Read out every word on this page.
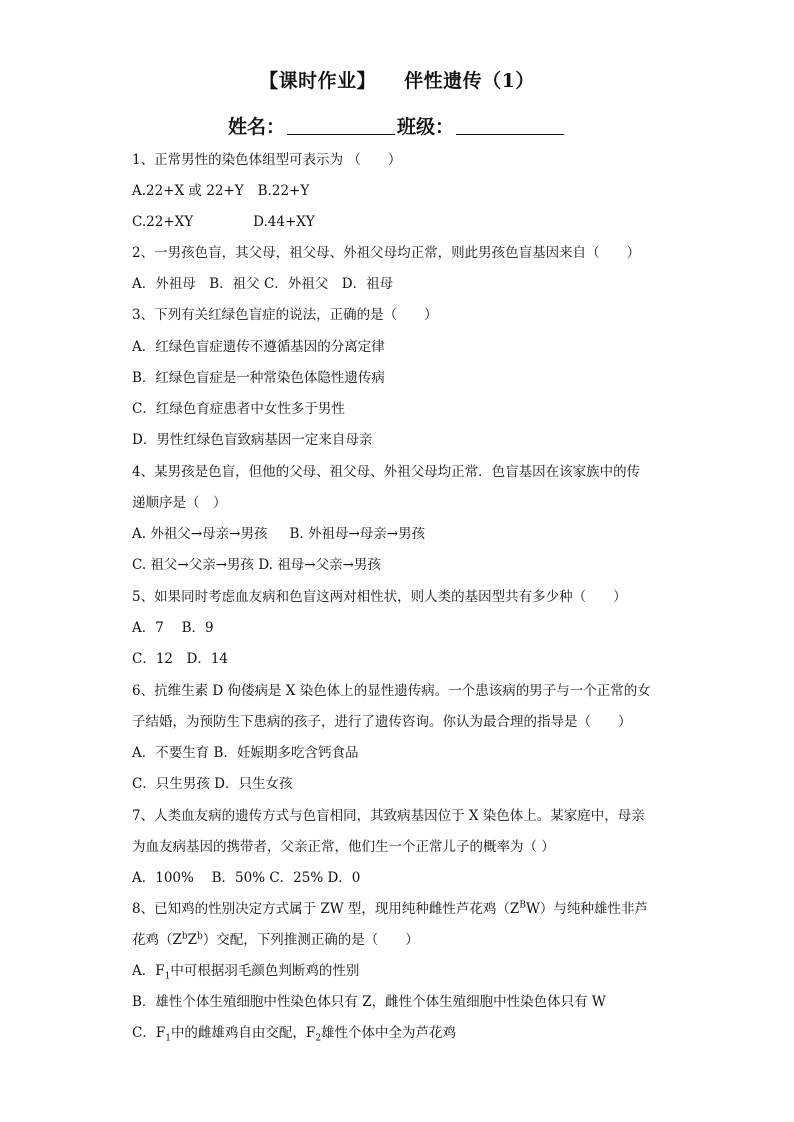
【课时作业】 伴性遗传（1）
姓名：	班级：
1、正常男性的染色体组型可表示为 （　　）
A.22+X 或 22+Y B.22+Y
C.22+XY	D.44+XY
2、一男孩色盲，其父母，祖父母、外祖父母均正常，则此男孩色盲基因来自（　　）
A．外祖母　B．祖父 C．外祖父　D．祖母
3、下列有关红绿色盲症的说法，正确的是（　　）
A．红绿色盲症遗传不遵循基因的分离定律
B．红绿色盲症是一种常染色体隐性遗传病
C．红绿色育症患者中女性多于男性
D．男性红绿色盲致病基因一定来自母亲
4、某男孩是色盲，但他的父母、祖父母、外祖父母均正常．色盲基因在该家族中的传
递顺序是（　）
A. 外祖父→母亲→男孩 B. 外祖母→母亲→男孩
C. 祖父→父亲→男孩 D. 祖母→父亲→男孩
5、如果同时考虑血友病和色盲这两对相性状，则人类的基因型共有多少种（　　）
A．7　 B．9
C．12　D．14
6、抗维生素 D 佝偻病是 X 染色体上的显性遗传病。一个患该病的男子与一个正常的女
子结婚，为预防生下患病的孩子，进行了遗传咨询。你认为最合理的指导是（　　）
A．不要生育 B．妊娠期多吃含钙食品
C．只生男孩 D．只生女孩
7、人类血友病的遗传方式与色盲相同，其致病基因位于 X 染色体上。某家庭中，母亲
为血友病基因的携带者，父亲正常，他们生一个正常儿子的概率为（ ）
A．100%　 B．50% C．25% D．0
8、已知鸡的性别决定方式属于 ZW 型，现用纯种雌性芦花鸡$(Z^BW)$与纯种雄性非芦
花鸡$(Z^bZ^b)$交配，下列推测正确的是（　　）
A．$F_1$中可根据羽毛颜色判断鸡的性别
B．雄性个体生殖细胞中性染色体只有 Z，雌性个体生殖细胞中性染色体只有 W
C．$F_1$中的雌雄鸡自由交配，$F_2$雄性个体中全为芦花鸡
